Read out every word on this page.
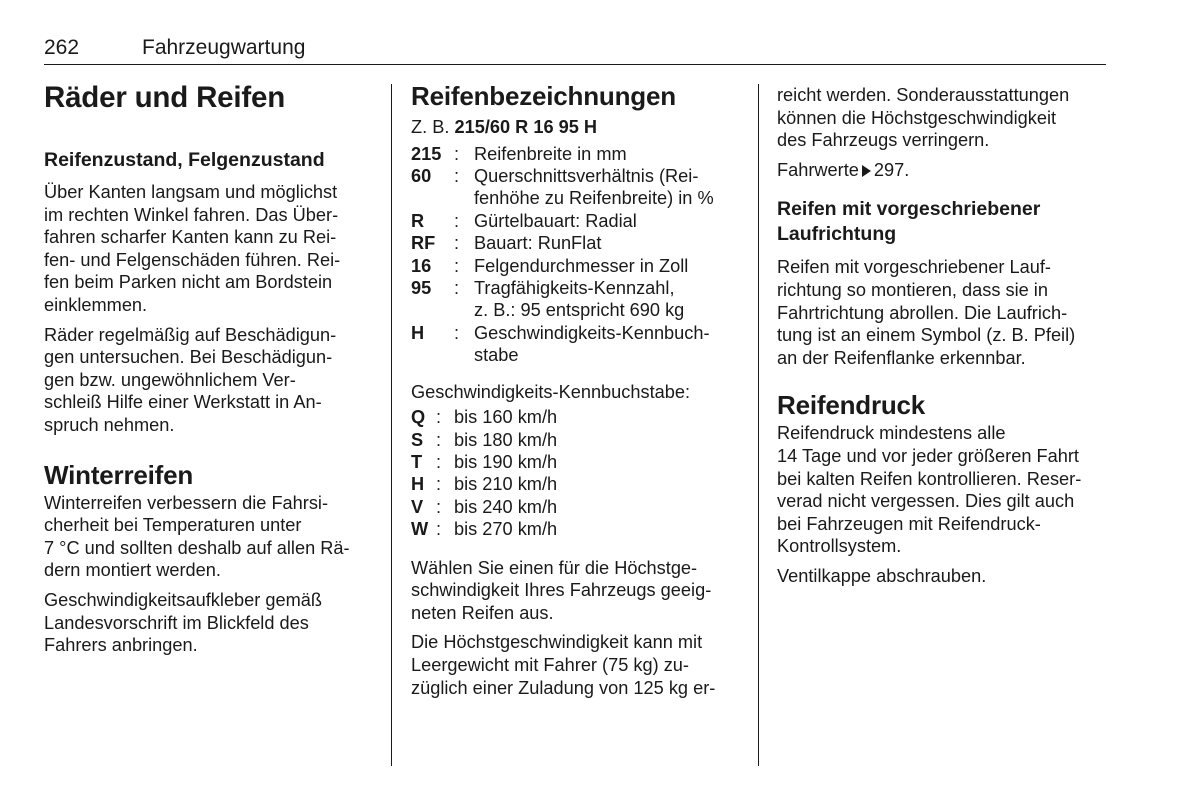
262	Fahrzeugwartung
Räder und Reifen
Reifenzustand, Felgenzustand

Über Kanten langsam und möglichst
im rechten Winkel fahren. Das Über-
fahren scharfer Kanten kann zu Rei-
fen- und Felgenschäden führen. Rei-
fen beim Parken nicht am Bordstein
einklemmen.

Räder regelmäßig auf Beschädigun-
gen untersuchen. Bei Beschädigun-
gen bzw. ungewöhnlichem Ver-
schleiß Hilfe einer Werkstatt in An-
spruch nehmen.

Winterreifen

Winterreifen verbessern die Fahrsi-
cherheit bei Temperaturen unter
7 °C und sollten deshalb auf allen Rä-
dern montiert werden.

Geschwindigkeitsaufkleber gemäß
Landesvorschrift im Blickfeld des
Fahrers anbringen.

Reifenbezeichnungen

Z. B. 215/60 R 16 95 H

215	:	Reifenbreite in mm
60	:	Querschnittsverhältnis (Rei-
fenhöhe zu Reifenbreite) in %
R	:	Gürtelbauart: Radial
RF	:	Bauart: RunFlat
16	:	Felgendurchmesser in Zoll
95	:	Tragfähigkeits-Kennzahl,
z. B.: 95 entspricht 690 kg
H	:	Geschwindigkeits-Kennbuch-
stabe

Geschwindigkeits-Kennbuchstabe:

Q	:	bis 160 km/h
S	:	bis 180 km/h
T	:	bis 190 km/h
H	:	bis 210 km/h
V	:	bis 240 km/h
W	:	bis 270 km/h

Wählen Sie einen für die Höchstge-
schwindigkeit Ihres Fahrzeugs geeig-
neten Reifen aus.

Die Höchstgeschwindigkeit kann mit
Leergewicht mit Fahrer (75 kg) zu-
züglich einer Zuladung von 125 kg er-

reicht werden. Sonderausstattungen
können die Höchstgeschwindigkeit
des Fahrzeugs verringern.

Fahrwerte 297.

Reifen mit vorgeschriebener
Laufrichtung

Reifen mit vorgeschriebener Lauf-
richtung so montieren, dass sie in
Fahrtrichtung abrollen. Die Laufrich-
tung ist an einem Symbol (z. B. Pfeil)
an der Reifenflanke erkennbar.

Reifendruck

Reifendruck mindestens alle
14 Tage und vor jeder größeren Fahrt
bei kalten Reifen kontrollieren. Reser-
verad nicht vergessen. Dies gilt auch
bei Fahrzeugen mit Reifendruck-
Kontrollsystem.

Ventilkappe abschrauben.
